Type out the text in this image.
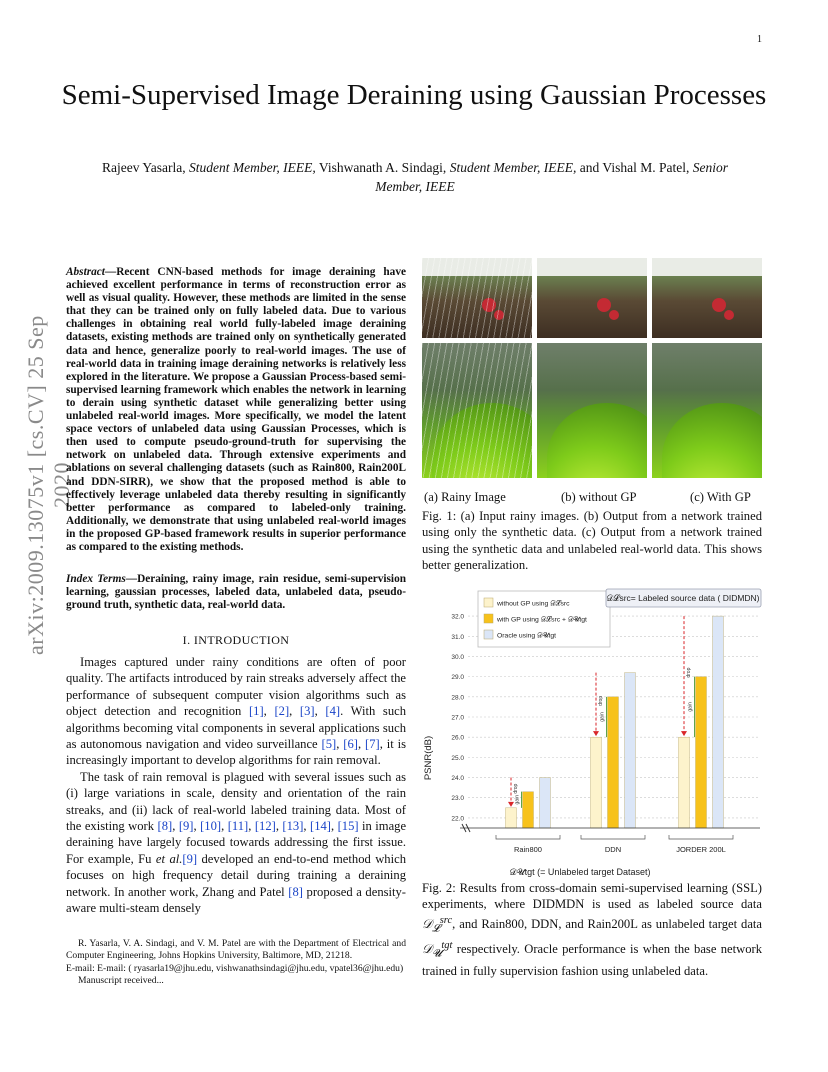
1
arXiv:2009.13075v1 [cs.CV] 25 Sep 2020
Semi-Supervised Image Deraining using Gaussian Processes
Rajeev Yasarla, Student Member, IEEE, Vishwanath A. Sindagi, Student Member, IEEE, and Vishal M. Patel, Senior Member, IEEE
Abstract—Recent CNN-based methods for image deraining have achieved excellent performance in terms of reconstruction error as well as visual quality. However, these methods are limited in the sense that they can be trained only on fully labeled data. Due to various challenges in obtaining real world fully-labeled image deraining datasets, existing methods are trained only on synthetically generated data and hence, generalize poorly to real-world images. The use of real-world data in training image deraining networks is relatively less explored in the literature. We propose a Gaussian Process-based semi-supervised learning framework which enables the network in learning to derain using synthetic dataset while generalizing better using unlabeled real-world images. More specifically, we model the latent space vectors of unlabeled data using Gaussian Processes, which is then used to compute pseudo-ground-truth for supervising the network on unlabeled data. Through extensive experiments and ablations on several challenging datasets (such as Rain800, Rain200L and DDN-SIRR), we show that the proposed method is able to effectively leverage unlabeled data thereby resulting in significantly better performance as compared to labeled-only training. Additionally, we demonstrate that using unlabeled real-world images in the proposed GP-based framework results in superior performance as compared to the existing methods.
Index Terms—Deraining, rainy image, rain residue, semi-supervision learning, gaussian processes, labeled data, unlabeled data, pseudo-ground truth, synthetic data, real-world data.
I. INTRODUCTION

Images captured under rainy conditions are often of poor quality. The artifacts introduced by rain streaks adversely affect the performance of subsequent computer vision algorithms such as object detection and recognition [1], [2], [3], [4]. With such algorithms becoming vital components in several applications such as autonomous navigation and video surveillance [5], [6], [7], it is increasingly important to develop algorithms for rain removal.

The task of rain removal is plagued with several issues such as (i) large variations in scale, density and orientation of the rain streaks, and (ii) lack of real-world labeled training data. Most of the existing work [8], [9], [10], [11], [12], [13], [14], [15] in image deraining have largely focused towards addressing the first issue. For example, Fu et al.[9] developed an end-to-end method which focuses on high frequency detail during training a deraining network. In another work, Zhang and Patel [8] proposed a density-aware multi-steam densely

R. Yasarla, V. A. Sindagi, and V. M. Patel are with the Department of Electrical and Computer Engineering, Johns Hopkins University, Baltimore, MD, 21218.

E-mail: E-mail: ( ryasarla19@jhu.edu, vishwanathsindagi@jhu.edu, vpatel36@jhu.edu)

Manuscript received...

(a) Rainy Image	(b) without GP	(c) With GP
Fig. 1: (a) Input rainy images. (b) Output from a network trained using only the synthetic data. (c) Output from a network trained using the synthetic data and unlabeled real-world data. This shows better generalization.
22.0
23.0
24.0
25.0
26.0
27.0
28.0
29.0
30.0
31.0
32.0
drop
gain
drop
gain
drop
gain
Rain800	DDN	JORDER 200L
PSNR(dB)
without GP using 𝒟𝓛src
with GP using 𝒟𝓛src + 𝒟𝓤tgt
Oracle using 𝒟𝓤tgt
𝒟𝓛src= Labeled source data ( DIDMDN)
𝒟𝓤tgt (= Unlabeled target Dataset)
Fig. 2: Results from cross-domain semi-supervised learning (SSL) experiments, where DIDMDN is used as labeled source data 𝒟$_𝓛^{src}$, and Rain800, DDN, and Rain200L as unlabeled target data 𝒟$_𝓤^{tgt}$ respectively. Oracle performance is when the base network trained in fully supervision fashion using unlabeled data.
